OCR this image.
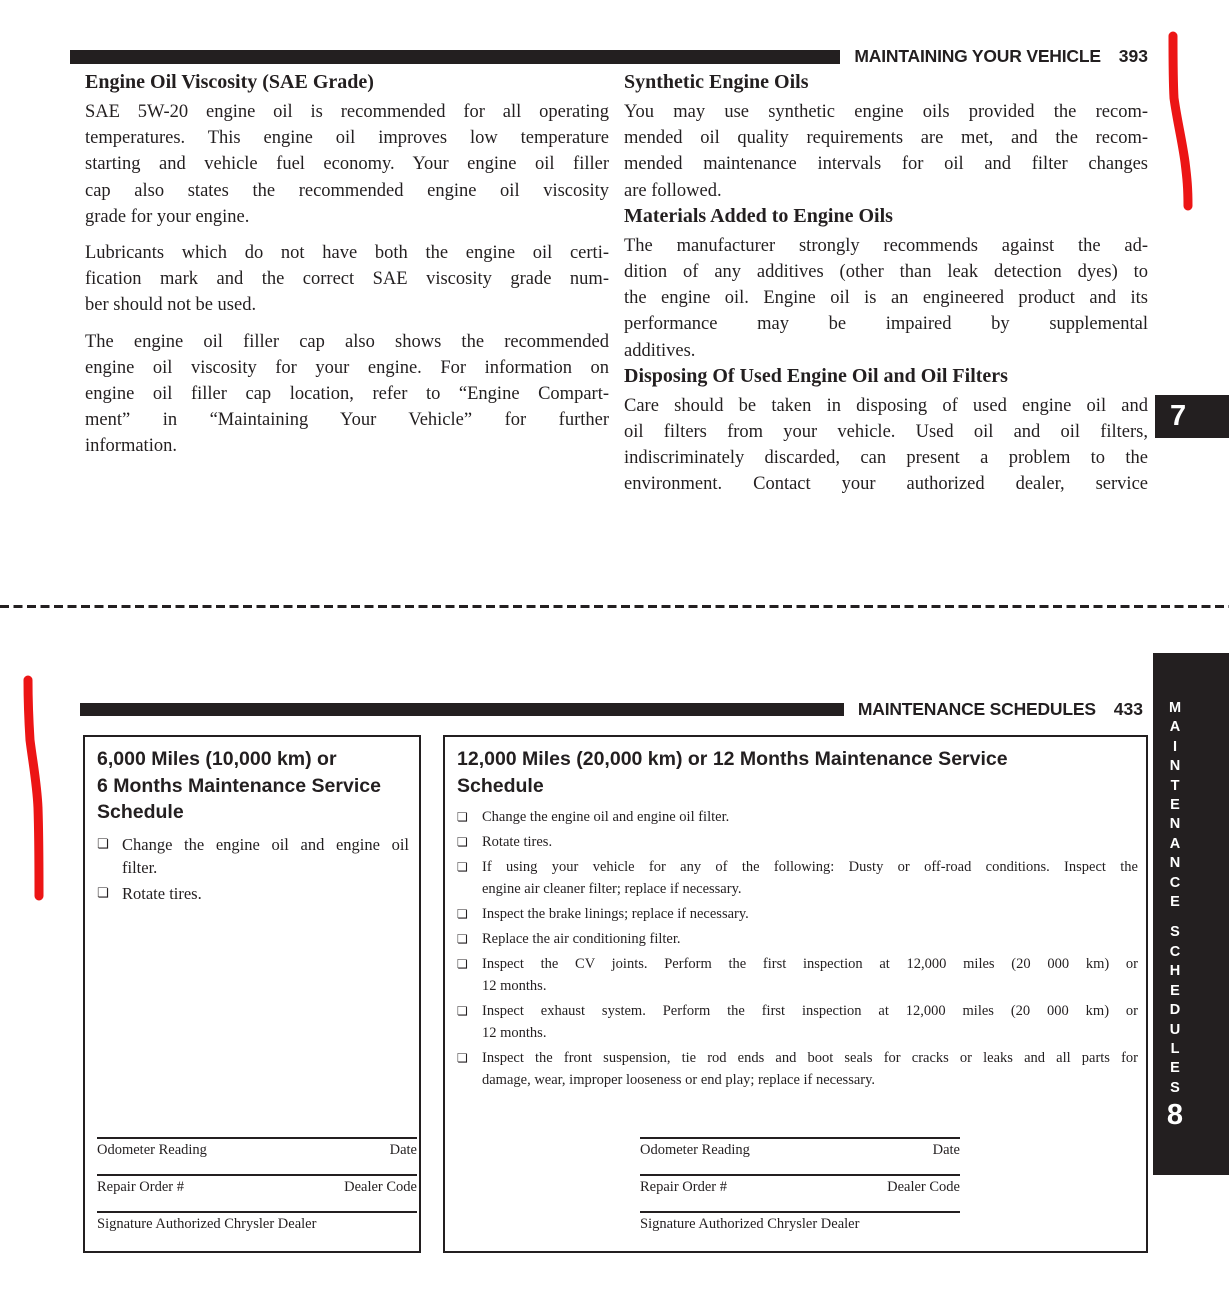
MAINTAINING YOUR VEHICLE 393
Engine Oil Viscosity (SAE Grade)
SAE 5W-20 engine oil is recommended for all operating
temperatures. This engine oil improves low temperature
starting and vehicle fuel economy. Your engine oil filler
cap also states the recommended engine oil viscosity
grade for your engine.
Lubricants which do not have both the engine oil certi-
fication mark and the correct SAE viscosity grade num-
ber should not be used.
The engine oil filler cap also shows the recommended
engine oil viscosity for your engine. For information on
engine oil filler cap location, refer to “Engine Compart-
ment” in “Maintaining Your Vehicle” for further
information.
Synthetic Engine Oils
You may use synthetic engine oils provided the recom-
mended oil quality requirements are met, and the recom-
mended maintenance intervals for oil and filter changes
are followed.
Materials Added to Engine Oils
The manufacturer strongly recommends against the ad-
dition of any additives (other than leak detection dyes) to
the engine oil. Engine oil is an engineered product and its
performance may be impaired by supplemental
additives.
Disposing Of Used Engine Oil and Oil Filters
Care should be taken in disposing of used engine oil and
oil filters from your vehicle. Used oil and oil filters,
indiscriminately discarded, can present a problem to the
environment. Contact your authorized dealer, service
7
MAINTENANCE SCHEDULES 433
6,000 Miles (10,000 km) or
6 Months Maintenance Service
Schedule
❏ Change the engine oil and engine oil
filter.
❏ Rotate tires.
Odometer Reading	Date
Repair Order #	Dealer Code
Signature Authorized Chrysler Dealer
12,000 Miles (20,000 km) or 12 Months Maintenance Service
Schedule
❏ Change the engine oil and engine oil filter.
❏ Rotate tires.
❏ If using your vehicle for any of the following: Dusty or off-road conditions. Inspect the
engine air cleaner filter; replace if necessary.
❏ Inspect the brake linings; replace if necessary.
❏ Replace the air conditioning filter.
❏ Inspect the CV joints. Perform the first inspection at 12,000 miles (20 000 km) or
12 months.
❏ Inspect exhaust system. Perform the first inspection at 12,000 miles (20 000 km) or
12 months.
❏ Inspect the front suspension, tie rod ends and boot seals for cracks or leaks and all parts for
damage, wear, improper looseness or end play; replace if necessary.
Odometer Reading	Date
Repair Order #	Dealer Code
Signature Authorized Chrysler Dealer
M
A
I
N
T
E
N
A
N
C
E
S
C
H
E
D
U
L
E
S
8
